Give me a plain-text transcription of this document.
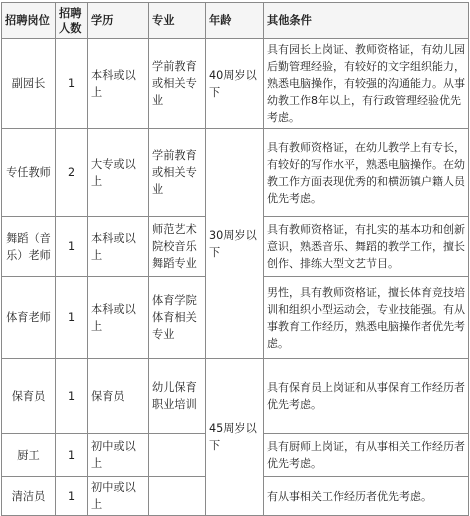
招聘岗位	招聘人数	学历	专业	年龄	其他条件
副园长	1	本科或以上	学前教育或相关专业	40周岁以下	具有园长上岗证、教师资格证，有幼儿园后勤管理经验，有较好的文字组织能力，熟悉电脑操作，有较强的沟通能力。从事幼教工作8年以上，有行政管理经验优先考虑。
专任教师	2	大专或以上	学前教育或相关专业	30周岁以下	具有教师资格证，在幼儿教学上有专长，有较好的写作水平，熟悉电脑操作。在幼教工作方面表现优秀的和横沥镇户籍人员优先考虑。
舞蹈（音乐）老师	1	本科或以上	师范艺术院校音乐舞蹈专业		具有教师资格证，有扎实的基本功和创新意识，熟悉音乐、舞蹈的教学工作，擅长创作、排练大型文艺节目。
体育老师	1	本科或以上	体育学院体育相关专业		男性，具有教师资格证，擅长体育竞技培训和组织小型运动会，专业技能强。有从事教育工作经历，熟悉电脑操作者优先考虑。
保育员	1	保育员	幼儿保育职业培训	45周岁以下	具有保育员上岗证和从事保育工作经历者优先考虑。
厨工	1	初中或以上			具有厨师上岗证，有从事相关工作经历者优先考虑。
清洁员	1	初中或以上			有从事相关工作经历者优先考虑。
